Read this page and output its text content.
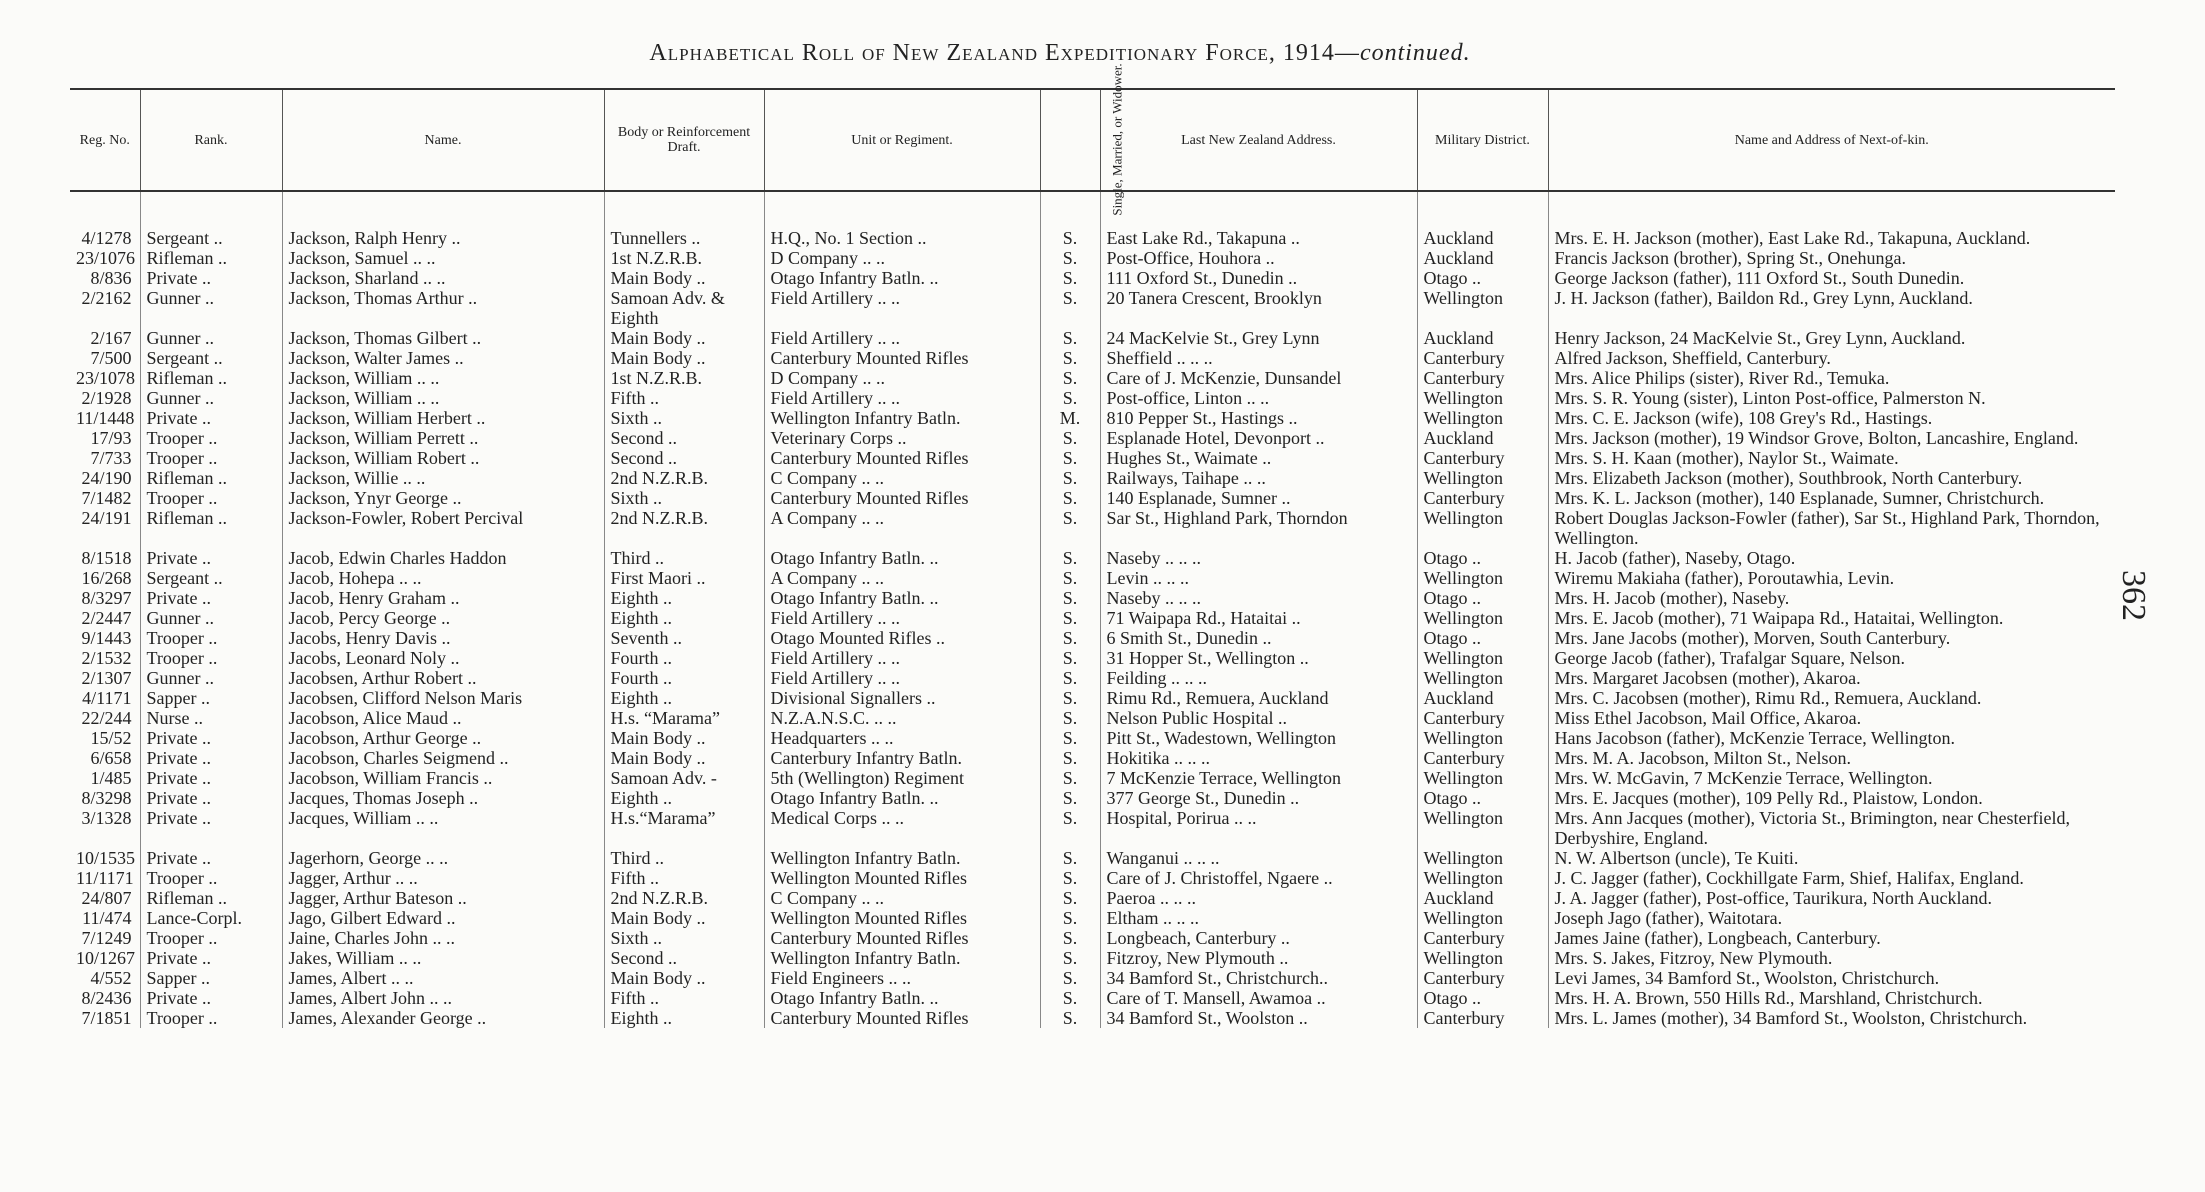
Alphabetical Roll of New Zealand Expeditionary Force, 1914—continued.
362
Reg. No.	Rank.	Name.	Body or Reinforcement Draft.	Unit or Regiment.	Single, Married, or Widower.	Last New Zealand Address.	Military District.	Name and Address of Next-of-kin.

4/1278	Sergeant ..	Jackson, Ralph Henry ..	Tunnellers ..	H.Q., No. 1 Section ..	S.	East Lake Rd., Takapuna ..	Auckland	Mrs. E. H. Jackson (mother), East Lake Rd., Takapuna, Auckland.
23/1076	Rifleman ..	Jackson, Samuel .. ..	1st N.Z.R.B.	D Company .. ..	S.	Post-Office, Houhora ..	Auckland	Francis Jackson (brother), Spring St., Onehunga.
8/836	Private ..	Jackson, Sharland .. ..	Main Body ..	Otago Infantry Batln. ..	S.	111 Oxford St., Dunedin ..	Otago ..	George Jackson (father), 111 Oxford St., South Dunedin.
2/2162	Gunner ..	Jackson, Thomas Arthur ..	Samoan Adv. & Eighth	Field Artillery .. ..	S.	20 Tanera Crescent, Brooklyn	Wellington	J. H. Jackson (father), Baildon Rd., Grey Lynn, Auckland.
2/167	Gunner ..	Jackson, Thomas Gilbert ..	Main Body ..	Field Artillery .. ..	S.	24 MacKelvie St., Grey Lynn	Auckland	Henry Jackson, 24 MacKelvie St., Grey Lynn, Auckland.
7/500	Sergeant ..	Jackson, Walter James ..	Main Body ..	Canterbury Mounted Rifles	S.	Sheffield .. .. ..	Canterbury	Alfred Jackson, Sheffield, Canterbury.
23/1078	Rifleman ..	Jackson, William .. ..	1st N.Z.R.B.	D Company .. ..	S.	Care of J. McKenzie, Dunsandel	Canterbury	Mrs. Alice Philips (sister), River Rd., Temuka.
2/1928	Gunner ..	Jackson, William .. ..	Fifth ..	Field Artillery .. ..	S.	Post-office, Linton .. ..	Wellington	Mrs. S. R. Young (sister), Linton Post-office, Palmerston N.
11/1448	Private ..	Jackson, William Herbert ..	Sixth ..	Wellington Infantry Batln.	M.	810 Pepper St., Hastings ..	Wellington	Mrs. C. E. Jackson (wife), 108 Grey's Rd., Hastings.
17/93	Trooper ..	Jackson, William Perrett ..	Second ..	Veterinary Corps ..	S.	Esplanade Hotel, Devonport ..	Auckland	Mrs. Jackson (mother), 19 Windsor Grove, Bolton, Lancashire, England.
7/733	Trooper ..	Jackson, William Robert ..	Second ..	Canterbury Mounted Rifles	S.	Hughes St., Waimate ..	Canterbury	Mrs. S. H. Kaan (mother), Naylor St., Waimate.
24/190	Rifleman ..	Jackson, Willie .. ..	2nd N.Z.R.B.	C Company .. ..	S.	Railways, Taihape .. ..	Wellington	Mrs. Elizabeth Jackson (mother), Southbrook, North Canterbury.
7/1482	Trooper ..	Jackson, Ynyr George ..	Sixth ..	Canterbury Mounted Rifles	S.	140 Esplanade, Sumner ..	Canterbury	Mrs. K. L. Jackson (mother), 140 Esplanade, Sumner, Christchurch.
24/191	Rifleman ..	Jackson-Fowler, Robert Percival	2nd N.Z.R.B.	A Company .. ..	S.	Sar St., Highland Park, Thorndon	Wellington	Robert Douglas Jackson-Fowler (father), Sar St., Highland Park, Thorndon, Wellington.
8/1518	Private ..	Jacob, Edwin Charles Haddon	Third ..	Otago Infantry Batln. ..	S.	Naseby .. .. ..	Otago ..	H. Jacob (father), Naseby, Otago.
16/268	Sergeant ..	Jacob, Hohepa .. ..	First Maori ..	A Company .. ..	S.	Levin .. .. ..	Wellington	Wiremu Makiaha (father), Poroutawhia, Levin.
8/3297	Private ..	Jacob, Henry Graham ..	Eighth ..	Otago Infantry Batln. ..	S.	Naseby .. .. ..	Otago ..	Mrs. H. Jacob (mother), Naseby.
2/2447	Gunner ..	Jacob, Percy George ..	Eighth ..	Field Artillery .. ..	S.	71 Waipapa Rd., Hataitai ..	Wellington	Mrs. E. Jacob (mother), 71 Waipapa Rd., Hataitai, Wellington.
9/1443	Trooper ..	Jacobs, Henry Davis ..	Seventh ..	Otago Mounted Rifles ..	S.	6 Smith St., Dunedin ..	Otago ..	Mrs. Jane Jacobs (mother), Morven, South Canterbury.
2/1532	Trooper ..	Jacobs, Leonard Noly ..	Fourth ..	Field Artillery .. ..	S.	31 Hopper St., Wellington ..	Wellington	George Jacob (father), Trafalgar Square, Nelson.
2/1307	Gunner ..	Jacobsen, Arthur Robert ..	Fourth ..	Field Artillery .. ..	S.	Feilding .. .. ..	Wellington	Mrs. Margaret Jacobsen (mother), Akaroa.
4/1171	Sapper ..	Jacobsen, Clifford Nelson Maris	Eighth ..	Divisional Signallers ..	S.	Rimu Rd., Remuera, Auckland	Auckland	Mrs. C. Jacobsen (mother), Rimu Rd., Remuera, Auckland.
22/244	Nurse ..	Jacobson, Alice Maud ..	H.s. “Marama”	N.Z.A.N.S.C. .. ..	S.	Nelson Public Hospital ..	Canterbury	Miss Ethel Jacobson, Mail Office, Akaroa.
15/52	Private ..	Jacobson, Arthur George ..	Main Body ..	Headquarters .. ..	S.	Pitt St., Wadestown, Wellington	Wellington	Hans Jacobson (father), McKenzie Terrace, Wellington.
6/658	Private ..	Jacobson, Charles Seigmend ..	Main Body ..	Canterbury Infantry Batln.	S.	Hokitika .. .. ..	Canterbury	Mrs. M. A. Jacobson, Milton St., Nelson.
1/485	Private ..	Jacobson, William Francis ..	Samoan Adv. -	5th (Wellington) Regiment	S.	7 McKenzie Terrace, Wellington	Wellington	Mrs. W. McGavin, 7 McKenzie Terrace, Wellington.
8/3298	Private ..	Jacques, Thomas Joseph ..	Eighth ..	Otago Infantry Batln. ..	S.	377 George St., Dunedin ..	Otago ..	Mrs. E. Jacques (mother), 109 Pelly Rd., Plaistow, London.
3/1328	Private ..	Jacques, William .. ..	H.s.“Marama”	Medical Corps .. ..	S.	Hospital, Porirua .. ..	Wellington	Mrs. Ann Jacques (mother), Victoria St., Brimington, near Chesterfield, Derbyshire, England.
10/1535	Private ..	Jagerhorn, George .. ..	Third ..	Wellington Infantry Batln.	S.	Wanganui .. .. ..	Wellington	N. W. Albertson (uncle), Te Kuiti.
11/1171	Trooper ..	Jagger, Arthur .. ..	Fifth ..	Wellington Mounted Rifles	S.	Care of J. Christoffel, Ngaere ..	Wellington	J. C. Jagger (father), Cockhillgate Farm, Shief, Halifax, England.
24/807	Rifleman ..	Jagger, Arthur Bateson ..	2nd N.Z.R.B.	C Company .. ..	S.	Paeroa .. .. ..	Auckland	J. A. Jagger (father), Post-office, Taurikura, North Auckland.
11/474	Lance-Corpl.	Jago, Gilbert Edward ..	Main Body ..	Wellington Mounted Rifles	S.	Eltham .. .. ..	Wellington	Joseph Jago (father), Waitotara.
7/1249	Trooper ..	Jaine, Charles John .. ..	Sixth ..	Canterbury Mounted Rifles	S.	Longbeach, Canterbury ..	Canterbury	James Jaine (father), Longbeach, Canterbury.
10/1267	Private ..	Jakes, William .. ..	Second ..	Wellington Infantry Batln.	S.	Fitzroy, New Plymouth ..	Wellington	Mrs. S. Jakes, Fitzroy, New Plymouth.
4/552	Sapper ..	James, Albert .. ..	Main Body ..	Field Engineers .. ..	S.	34 Bamford St., Christchurch..	Canterbury	Levi James, 34 Bamford St., Woolston, Christchurch.
8/2436	Private ..	James, Albert John .. ..	Fifth ..	Otago Infantry Batln. ..	S.	Care of T. Mansell, Awamoa ..	Otago ..	Mrs. H. A. Brown, 550 Hills Rd., Marshland, Christchurch.
7/1851	Trooper ..	James, Alexander George ..	Eighth ..	Canterbury Mounted Rifles	S.	34 Bamford St., Woolston ..	Canterbury	Mrs. L. James (mother), 34 Bamford St., Woolston, Christchurch.
